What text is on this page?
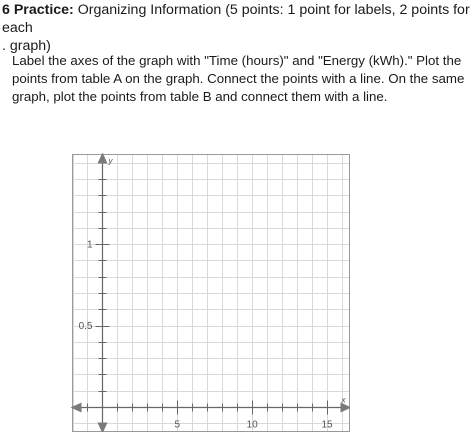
6 Practice: Organizing Information (5 points: 1 point for labels, 2 points for each
. graph)
Label the axes of the graph with "Time (hours)" and "Energy (kWh)." Plot the points from table A on the graph. Connect the points with a line. On the same graph, plot the points from table B and connect them with a line.
5	10	15
0.5
1
x
y
